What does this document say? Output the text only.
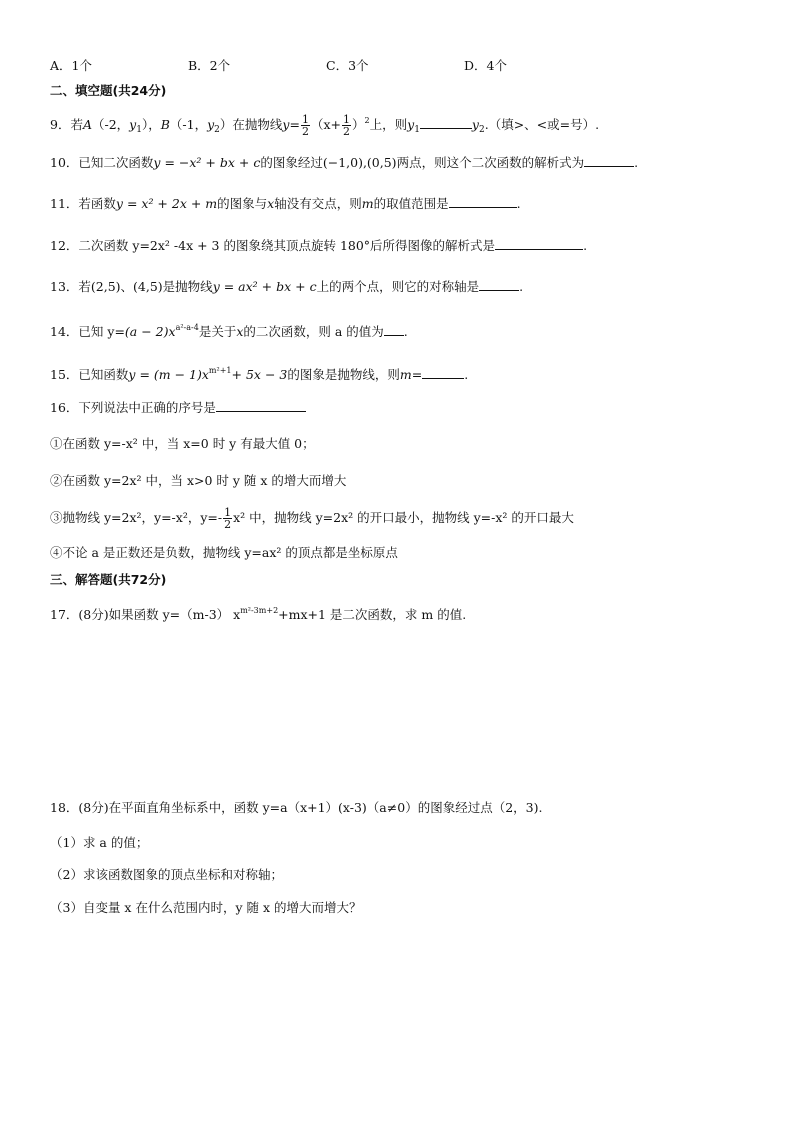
A．1个	B．2个	C．3个	D．4个
二、填空题(共24分)
9．若A（-2，$y_1$），B（-1，$y_2$）在抛物线$y= \frac{1}{2} (x+ \frac{1}{2} )^2$上，则$y_1$	$y_2$.（填>、<或=号）.
10．已知二次函数y = −x² + bx + c的图象经过(−1,0),(0,5)两点，则这个二次函数的解析式为	.
11．若函数y = x² + 2x + m的图象与x轴没有交点，则m的取值范围是	.
12．二次函数 y=2x² -4x + 3 的图象绕其顶点旋转 180°后所得图像的解析式是	.
13．若(2,5)、(4,5)是抛物线y = ax² + bx + c上的两个点，则它的对称轴是	.
14．已知 $y=(a - 2)x^{a^2-a-4}$是关于x的二次函数，则 a 的值为 .
15．已知函数$y = (m - 1)x^{m^2+1}+ 5x - 3$的图象是抛物线，则m=	.
16．下列说法中正确的序号是
①在函数 y=-x² 中，当 x=0 时 y 有最大值 0；
②在函数 y=2x² 中，当 x>0 时 y 随 x 的增大而增大
③抛物线 y=2x²，y=-x²，$y=- \frac{1}{2} x^2$ 中，抛物线 y=2x² 的开口最小，抛物线 y=-x² 的开口最大
④不论 a 是正数还是负数，抛物线 y=ax² 的顶点都是坐标原点
三、解答题(共72分)
17．(8分)如果函数 y=（m-3） $x^{m^2-3m+2}+mx+1$ 是二次函数，求 m 的值.
18．(8分)在平面直角坐标系中，函数 y=a（x+1）(x-3)（a≠0）的图象经过点（2，3).
（1）求 a 的值；
（2）求该函数图象的顶点坐标和对称轴；
（3）自变量 x 在什么范围内时，y 随 x 的增大而增大？
